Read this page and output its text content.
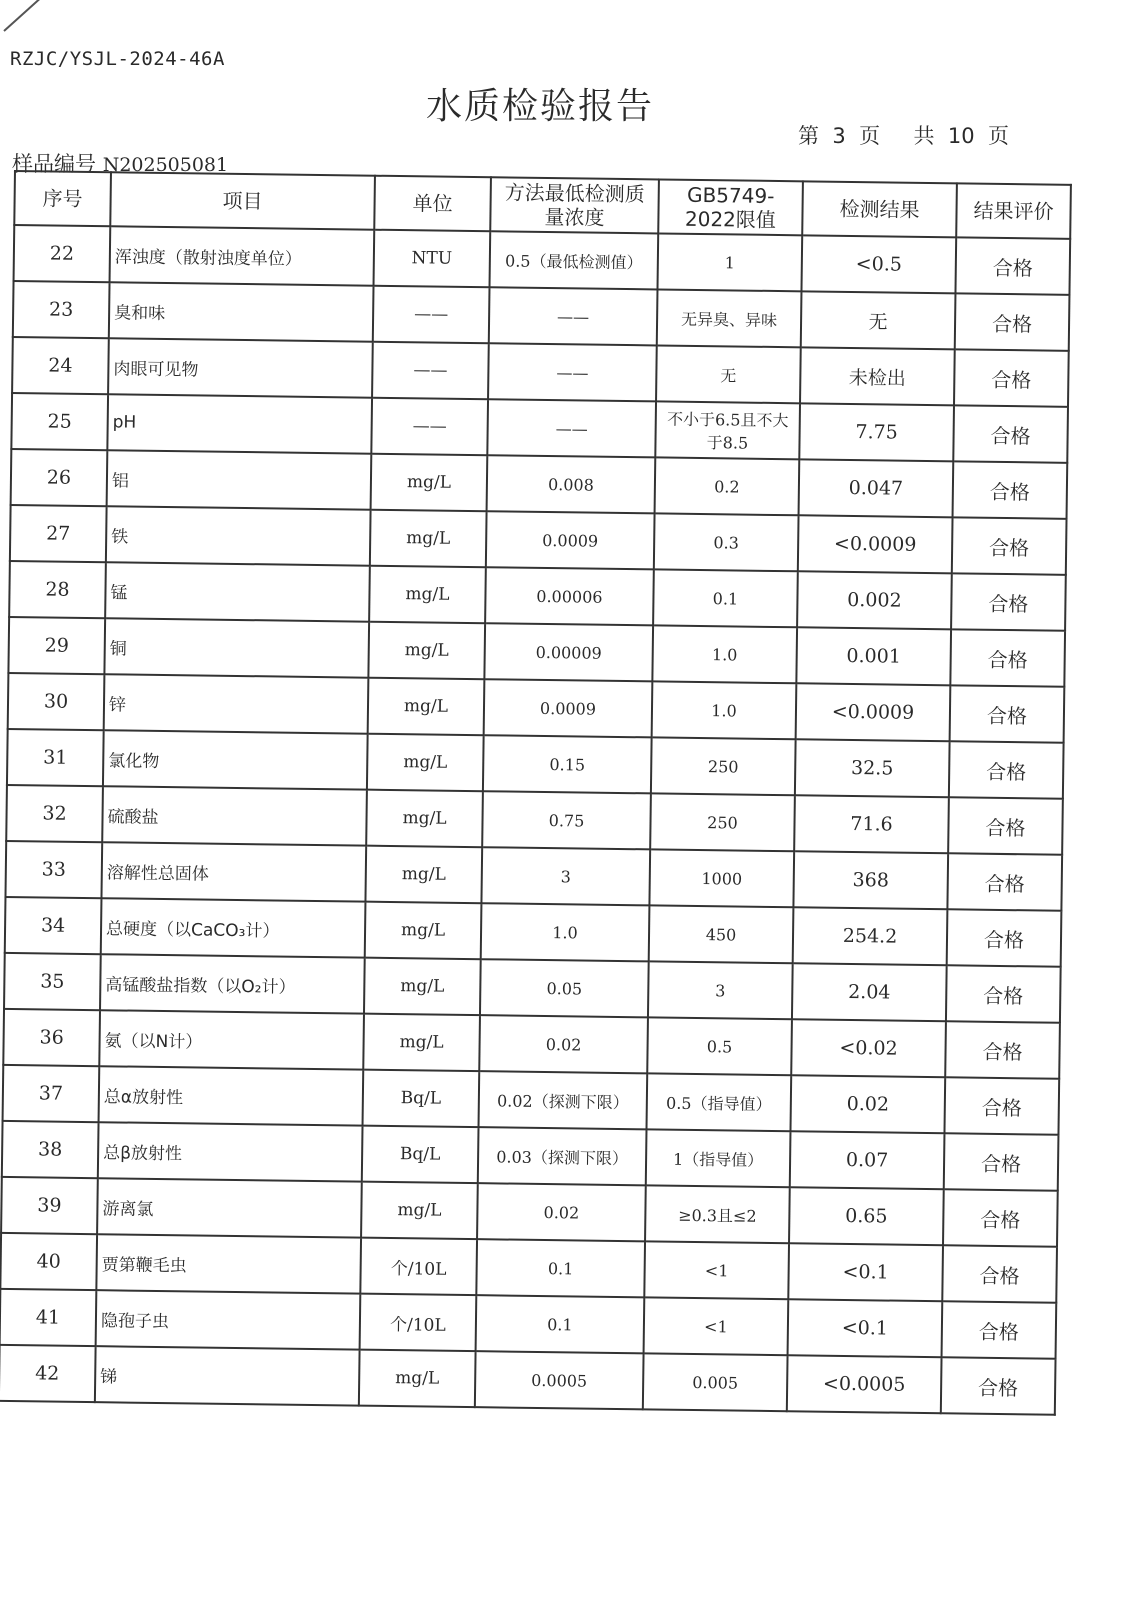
RZJC/YSJL-2024-46A
水质检验报告
第 3 页 共 10 页
样品编号 N202505081
序号	项目	单位	方法最低检测质量浓度	GB5749-2022限值	检测结果	结果评价
22	浑浊度（散射浊度单位）	NTU	0.5（最低检测值）	1	<0.5	合格
23	臭和味	——	——	无异臭、异味	无	合格
24	肉眼可见物	——	——	无	未检出	合格
25	pH	——	——	不小于6.5且不大于8.5	7.75	合格
26	铝	mg/L	0.008	0.2	0.047	合格
27	铁	mg/L	0.0009	0.3	<0.0009	合格
28	锰	mg/L	0.00006	0.1	0.002	合格
29	铜	mg/L	0.00009	1.0	0.001	合格
30	锌	mg/L	0.0009	1.0	<0.0009	合格
31	氯化物	mg/L	0.15	250	32.5	合格
32	硫酸盐	mg/L	0.75	250	71.6	合格
33	溶解性总固体	mg/L	3	1000	368	合格
34	总硬度（以CaCO₃计）	mg/L	1.0	450	254.2	合格
35	高锰酸盐指数（以O₂计）	mg/L	0.05	3	2.04	合格
36	氨（以N计）	mg/L	0.02	0.5	<0.02	合格
37	总α放射性	Bq/L	0.02（探测下限）	0.5（指导值）	0.02	合格
38	总β放射性	Bq/L	0.03（探测下限）	1（指导值）	0.07	合格
39	游离氯	mg/L	0.02	≥0.3且≤2	0.65	合格
40	贾第鞭毛虫	个/10L	0.1	<1	<0.1	合格
41	隐孢子虫	个/10L	0.1	<1	<0.1	合格
42	锑	mg/L	0.0005	0.005	<0.0005	合格
